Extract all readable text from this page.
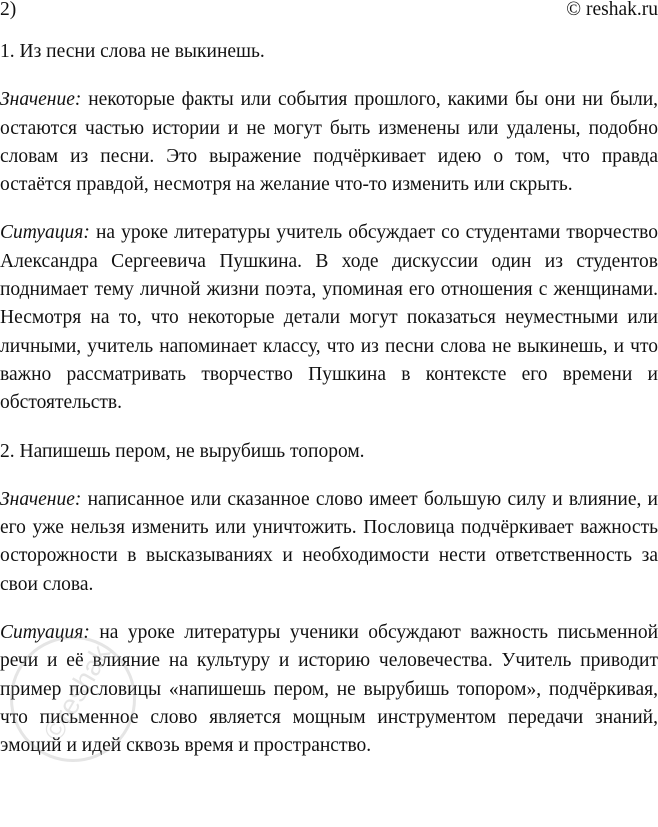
2)	© reshak.ru

1. Из песни слова не выкинешь.

Значение: некоторые факты или события прошлого, какими бы они ни были, остаются частью истории и не могут быть изменены или удалены, подобно словам из песни. Это выражение подчёркивает идею о том, что правда остаётся правдой, несмотря на желание что-то изменить или скрыть.

Ситуация: на уроке литературы учитель обсуждает со студентами творчество Александра Сергеевича Пушкина. В ходе дискуссии один из студентов поднимает тему личной жизни поэта, упоминая его отношения с женщинами. Несмотря на то, что некоторые детали могут показаться неуместными или личными, учитель напоминает классу, что из песни слова не выкинешь, и что важно рассматривать творчество Пушкина в контексте его времени и обстоятельств.

2. Напишешь пером, не вырубишь топором.

Значение: написанное или сказанное слово имеет большую силу и влияние, и его уже нельзя изменить или уничтожить. Пословица подчёркивает важность осторожности в высказываниях и необходимости нести ответственность за свои слова.

Ситуация: на уроке литературы ученики обсуждают важность письменной речи и её влияние на культуру и историю человечества. Учитель приводит пример пословицы «напишешь пером, не вырубишь топором», подчёркивая, что письменное слово является мощным инструментом передачи знаний, эмоций и идей сквозь время и пространство.

©reshak
